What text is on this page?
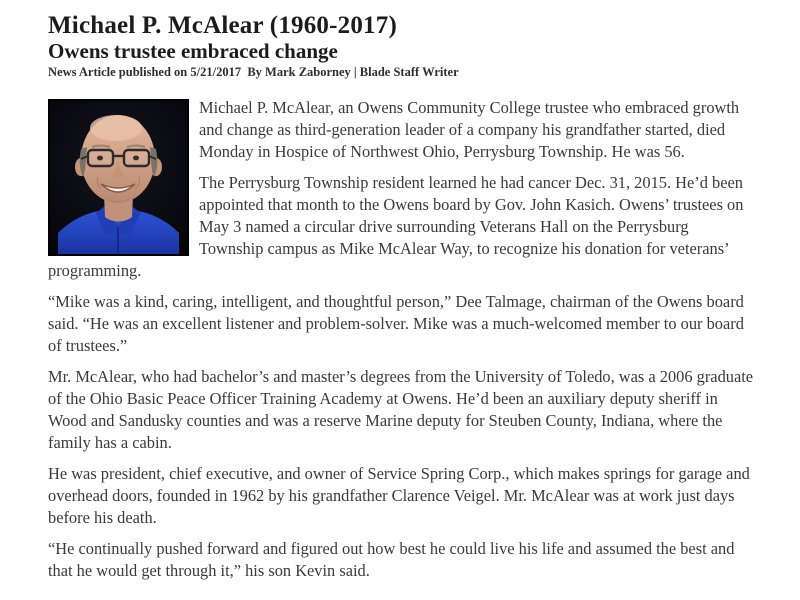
Michael P. McAlear (1960-2017)
Owens trustee embraced change
News Article published on 5/21/2017  By Mark Zaborney | Blade Staff Writer

Michael P. McAlear, an Owens Community College trustee who embraced growth and change as third-generation leader of a company his grandfather started, died Monday in Hospice of Northwest Ohio, Perrysburg Township. He was 56.

The Perrysburg Township resident learned he had cancer Dec. 31, 2015. He’d been appointed that month to the Owens board by Gov. John Kasich. Owens’ trustees on May 3 named a circular drive surrounding Veterans Hall on the Perrysburg Township campus as Mike McAlear Way, to recognize his donation for veterans’ programming.

“Mike was a kind, caring, intelligent, and thoughtful person,” Dee Talmage, chairman of the Owens board said. “He was an excellent listener and problem-solver. Mike was a much-welcomed member to our board of trustees.”

Mr. McAlear, who had bachelor’s and master’s degrees from the University of Toledo, was a 2006 graduate of the Ohio Basic Peace Officer Training Academy at Owens. He’d been an auxiliary deputy sheriff in Wood and Sandusky counties and was a reserve Marine deputy for Steuben County, Indiana, where the family has a cabin.

He was president, chief executive, and owner of Service Spring Corp., which makes springs for garage and overhead doors, founded in 1962 by his grandfather Clarence Veigel. Mr. McAlear was at work just days before his death.

“He continually pushed forward and figured out how best he could live his life and assumed the best and that he would get through it,” his son Kevin said.
